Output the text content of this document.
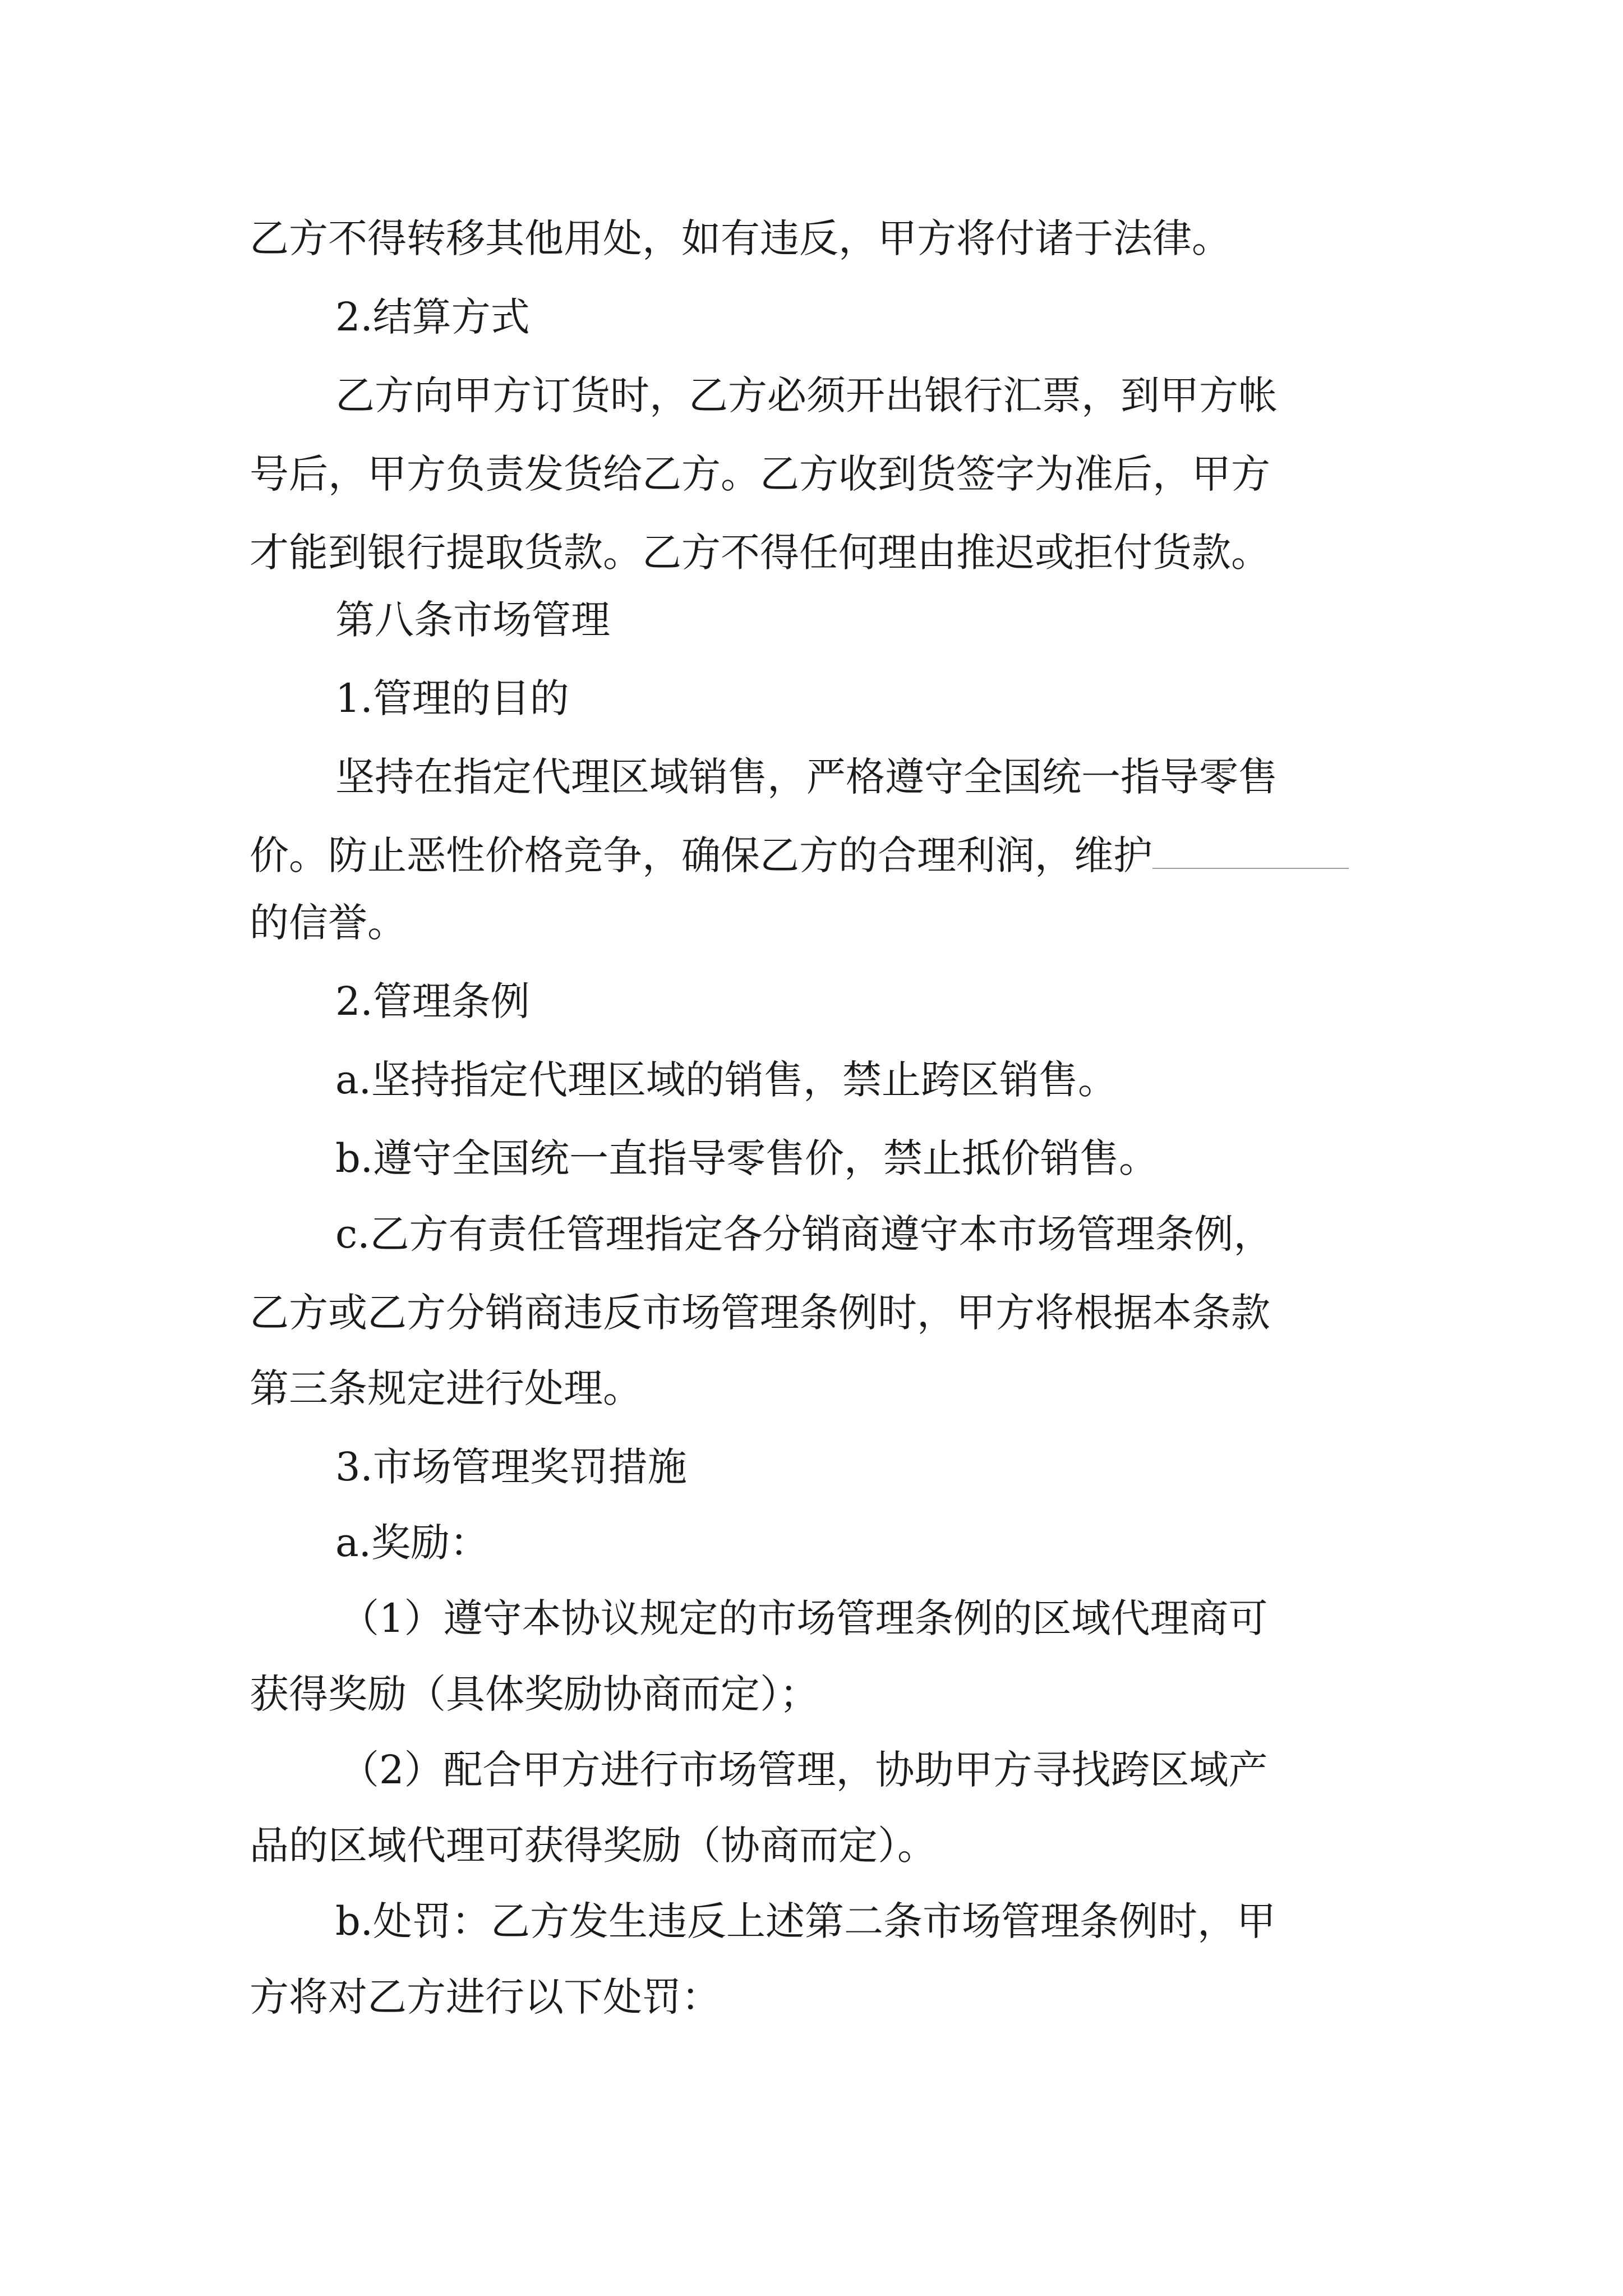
乙方不得转移其他用处，如有违反，甲方将付诸于法律。

2.结算方式

乙方向甲方订货时，乙方必须开出银行汇票，到甲方帐

号后，甲方负责发货给乙方。乙方收到货签字为准后，甲方

才能到银行提取货款。乙方不得任何理由推迟或拒付货款。

第八条市场管理

1.管理的目的

坚持在指定代理区域销售，严格遵守全国统一指导零售

价。防止恶性价格竞争，确保乙方的合理利润，维护

的信誉。

2.管理条例

a.坚持指定代理区域的销售，禁止跨区销售。

b.遵守全国统一直指导零售价，禁止抵价销售。

c.乙方有责任管理指定各分销商遵守本市场管理条例，

乙方或乙方分销商违反市场管理条例时，甲方将根据本条款

第三条规定进行处理。

3.市场管理奖罚措施

a.奖励：

（1）遵守本协议规定的市场管理条例的区域代理商可

获得奖励（具体奖励协商而定）；

（2）配合甲方进行市场管理，协助甲方寻找跨区域产

品的区域代理可获得奖励（协商而定）。

b.处罚：乙方发生违反上述第二条市场管理条例时，甲

方将对乙方进行以下处罚：
